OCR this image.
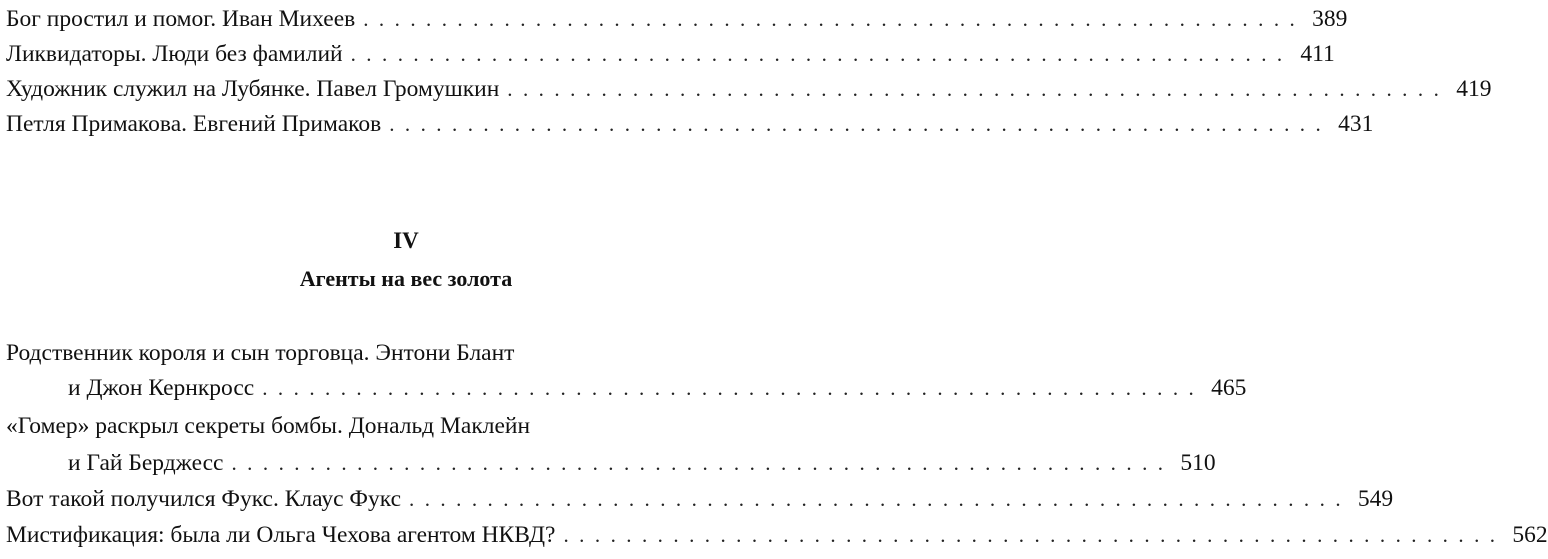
Бог простил и помог. Иван Михеев . . . . . . . . . . . . . . . . . . . . . . . . . . . . . . . . . . . . . . . . . . . . . . . . . . . . . . . . . . . . 389
Ликвидаторы. Люди без фамилий . . . . . . . . . . . . . . . . . . . . . . . . . . . . . . . . . . . . . . . . . . . . . . . . . . . . . . . . . . . . 411
Художник служил на Лубянке. Павел Громушкин . . . . . . . . . . . . . . . . . . . . . . . . . . . . . . . . . . . . . . . . . . . . . . . . . . . . . . . . . . . . 419
Петля Примакова. Евгений Примаков . . . . . . . . . . . . . . . . . . . . . . . . . . . . . . . . . . . . . . . . . . . . . . . . . . . . . . . . . . . . 431
IV
Агенты на вес золота
Родственник короля и сын торговца. Энтони Блант
и Джон Кернкросс . . . . . . . . . . . . . . . . . . . . . . . . . . . . . . . . . . . . . . . . . . . . . . . . . . . . . . . . . . . . 465
«Гомер» раскрыл секреты бомбы. Дональд Маклейн
и Гай Берджесс . . . . . . . . . . . . . . . . . . . . . . . . . . . . . . . . . . . . . . . . . . . . . . . . . . . . . . . . . . . . 510
Вот такой получился Фукс. Клаус Фукс . . . . . . . . . . . . . . . . . . . . . . . . . . . . . . . . . . . . . . . . . . . . . . . . . . . . . . . . . . . . 549
Мистификация: была ли Ольга Чехова агентом НКВД? . . . . . . . . . . . . . . . . . . . . . . . . . . . . . . . . . . . . . . . . . . . . . . . . . . . . . . . . . . . . 562
